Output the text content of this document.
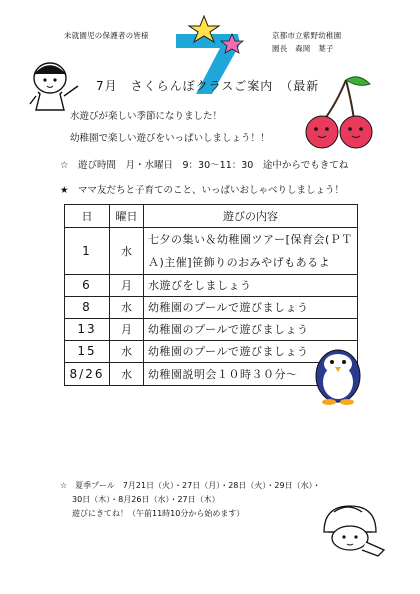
未就園児の保護者の皆様	京都市立紫野幼稚園
園長　森岡　葉子
7月　さくらんぼクラスご案内　（最新
水遊びが楽しい季節になりました！
幼稚園で楽しい遊びをいっぱいしましょう！！
☆　遊び時間　月・水曜日　9：30～11：30　途中からでもきてね
★　ママ友だちと子育てのこと、いっぱいおしゃべりしましょう！
日	曜日	遊びの内容
1	水	七夕の集い＆幼稚園ツアー[保育会(ＰＴＡ)主催]笹飾りのおみやげもあるよ
6	月	水遊びをしましょう
8	水	幼稚園のプールで遊びましょう
13	月	幼稚園のプールで遊びましょう
15	水	幼稚園のプールで遊びましょう
8/26	水	幼稚園説明会１０時３０分～
☆　夏季プール　7月21日（火）・27日（月）・28日（火）・29日（水）・
30日（木）・8月26日（水）・27日（木）
遊びにきてね！（午前11時10分から始めます）
